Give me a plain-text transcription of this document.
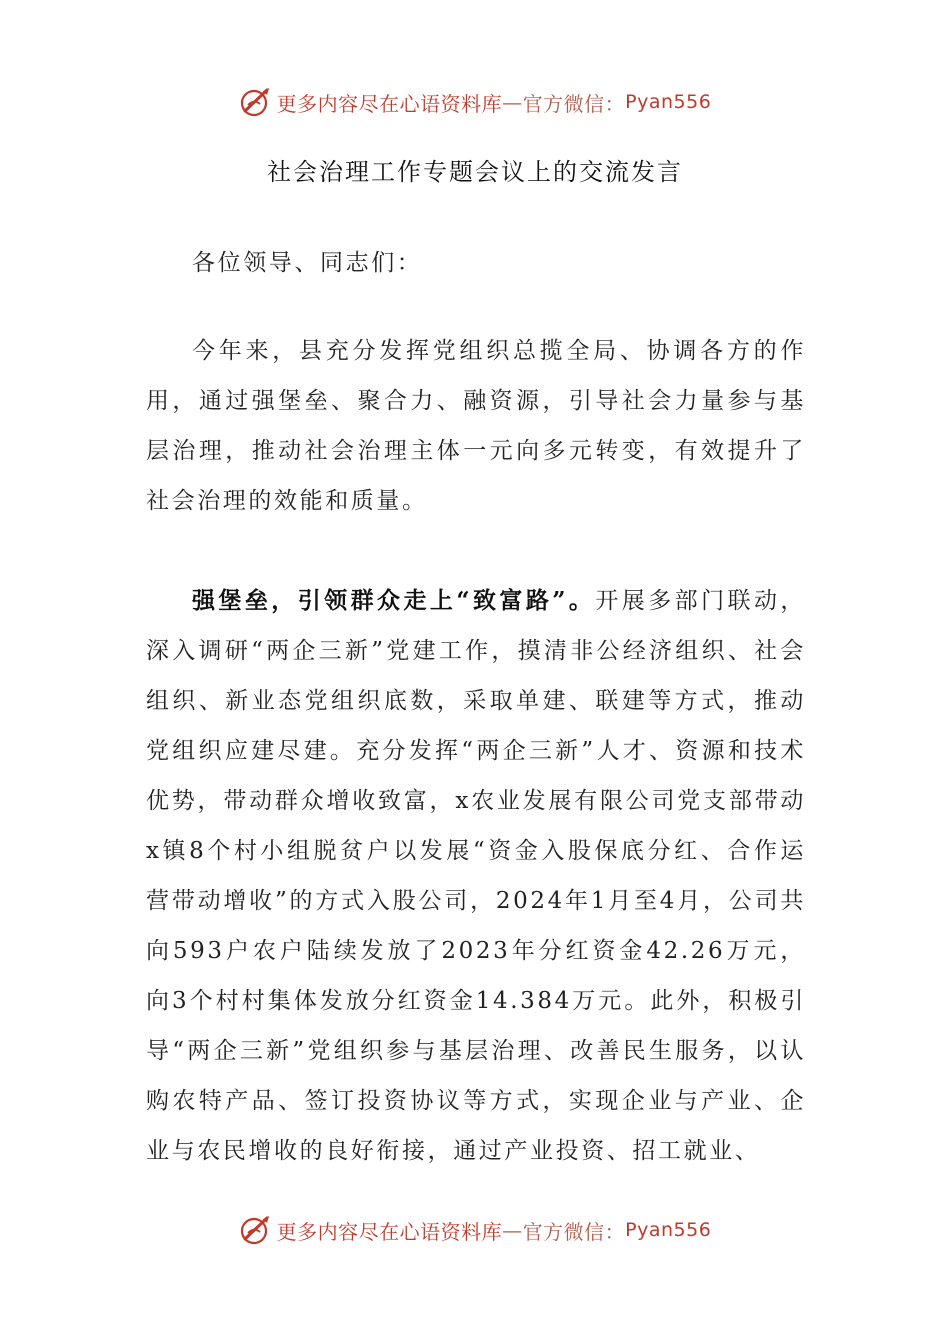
更多内容尽在心语资料库 — 官方微信： Pyan556
社会治理工作专题会议上的交流发言

各位领导、同志们：

今年来，县充分发挥党组织总揽全局、协调各方的作用，通过强堡垒、聚合力、融资源，引导社会力量参与基层治理，推动社会治理主体一元向多元转变，有效提升了社会治理的效能和质量。

强堡垒，引领群众走上“致富路”。开展多部门联动，深入调研“两企三新”党建工作，摸清非公经济组织、社会组织、新业态党组织底数，采取单建、联建等方式，推动党组织应建尽建。充分发挥“两企三新”人才、资源和技术优势，带动群众增收致富，x农业发展有限公司党支部带动x镇8个村小组脱贫户以发展“资金入股保底分红、合作运营带动增收”的方式入股公司，2024年1月至4月，公司共向593户农户陆续发放了2023年分红资金42.26万元，向3个村村集体发放分红资金14.384万元。此外，积极引导“两企三新”党组织参与基层治理、改善民生服务，以认购农特产品、签订投资协议等方式，实现企业与产业、企业与农民增收的良好衔接，通过产业投资、招工就业、

更多内容尽在心语资料库 — 官方微信： Pyan556
